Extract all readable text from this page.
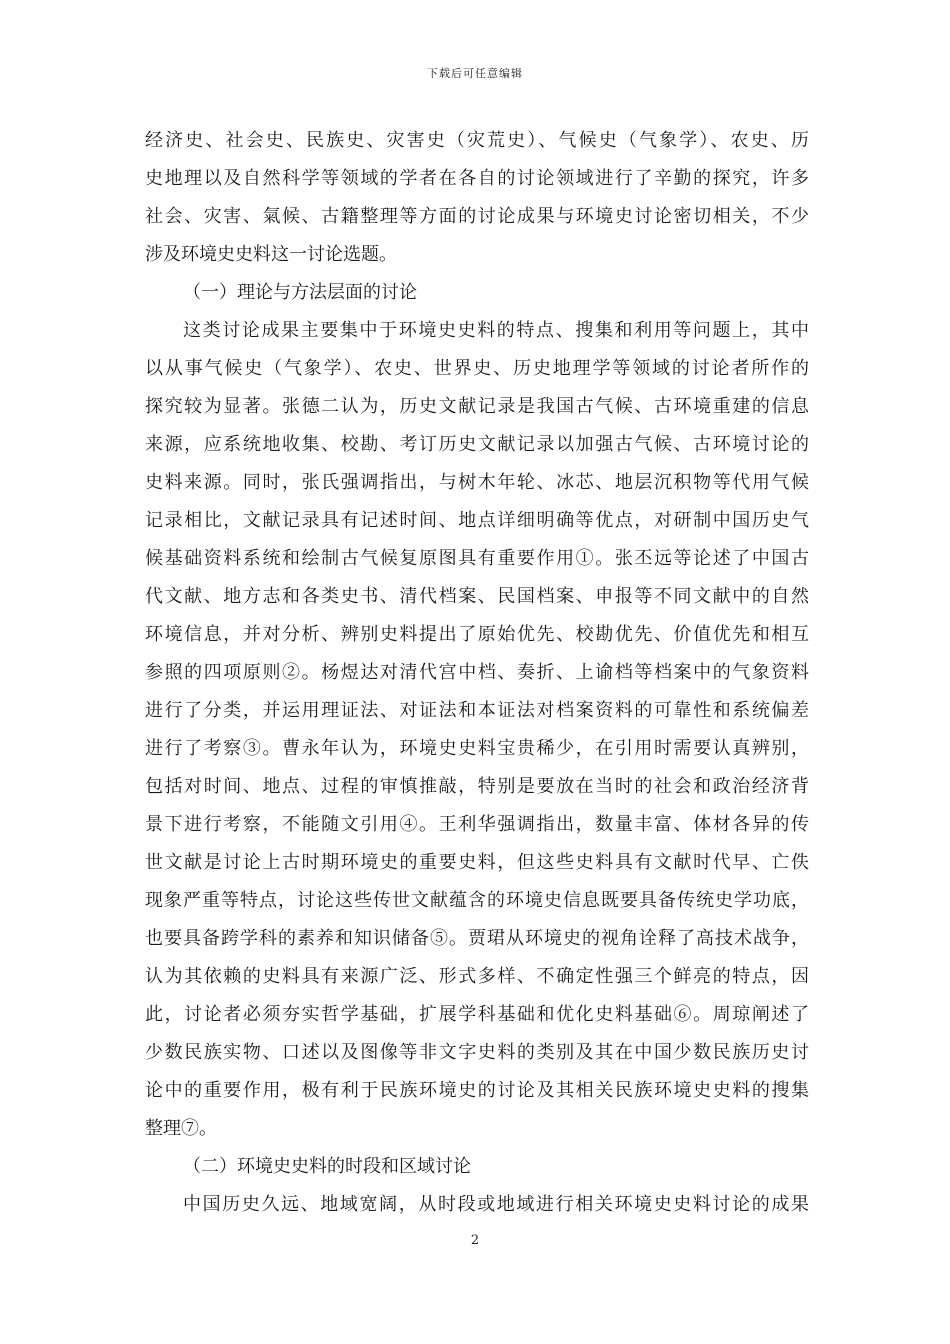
下载后可任意编辑
经济史、社会史、民族史、灾害史（灾荒史）、气候史（气象学）、农史、历
史地理以及自然科学等领域的学者在各自的讨论领域进行了辛勤的探究，许多
社会、灾害、氣候、古籍整理等方面的讨论成果与环境史讨论密切相关，不少
涉及环境史史料这一讨论选题。
（一）理论与方法层面的讨论
这类讨论成果主要集中于环境史史料的特点、搜集和利用等问题上，其中
以从事气候史（气象学）、农史、世界史、历史地理学等领域的讨论者所作的
探究较为显著。张德二认为，历史文献记录是我国古气候、古环境重建的信息
来源，应系统地收集、校勘、考订历史文献记录以加强古气候、古环境讨论的
史料来源。同时，张氏强调指出，与树木年轮、冰芯、地层沉积物等代用气候
记录相比，文献记录具有记述时间、地点详细明确等优点，对研制中国历史气
候基础资料系统和绘制古气候复原图具有重要作用①。张丕远等论述了中国古
代文献、地方志和各类史书、清代档案、民国档案、申报等不同文献中的自然
环境信息，并对分析、辨别史料提出了原始优先、校勘优先、价值优先和相互
参照的四项原则②。杨煜达对清代宫中档、奏折、上谕档等档案中的气象资料
进行了分类，并运用理证法、对证法和本证法对档案资料的可靠性和系统偏差
进行了考察③。曹永年认为，环境史史料宝贵稀少，在引用时需要认真辨别，
包括对时间、地点、过程的审慎推敲，特别是要放在当时的社会和政治经济背
景下进行考察，不能随文引用④。王利华强调指出，数量丰富、体材各异的传
世文献是讨论上古时期环境史的重要史料，但这些史料具有文献时代早、亡佚
现象严重等特点，讨论这些传世文献蕴含的环境史信息既要具备传统史学功底，
也要具备跨学科的素养和知识储备⑤。贾珺从环境史的视角诠释了高技术战争，
认为其依赖的史料具有来源广泛、形式多样、不确定性强三个鲜亮的特点，因
此，讨论者必须夯实哲学基础，扩展学科基础和优化史料基础⑥。周琼阐述了
少数民族实物、口述以及图像等非文字史料的类别及其在中国少数民族历史讨
论中的重要作用，极有利于民族环境史的讨论及其相关民族环境史史料的搜集
整理⑦。
（二）环境史史料的时段和区域讨论
中国历史久远、地域宽阔，从时段或地域进行相关环境史史料讨论的成果
2
